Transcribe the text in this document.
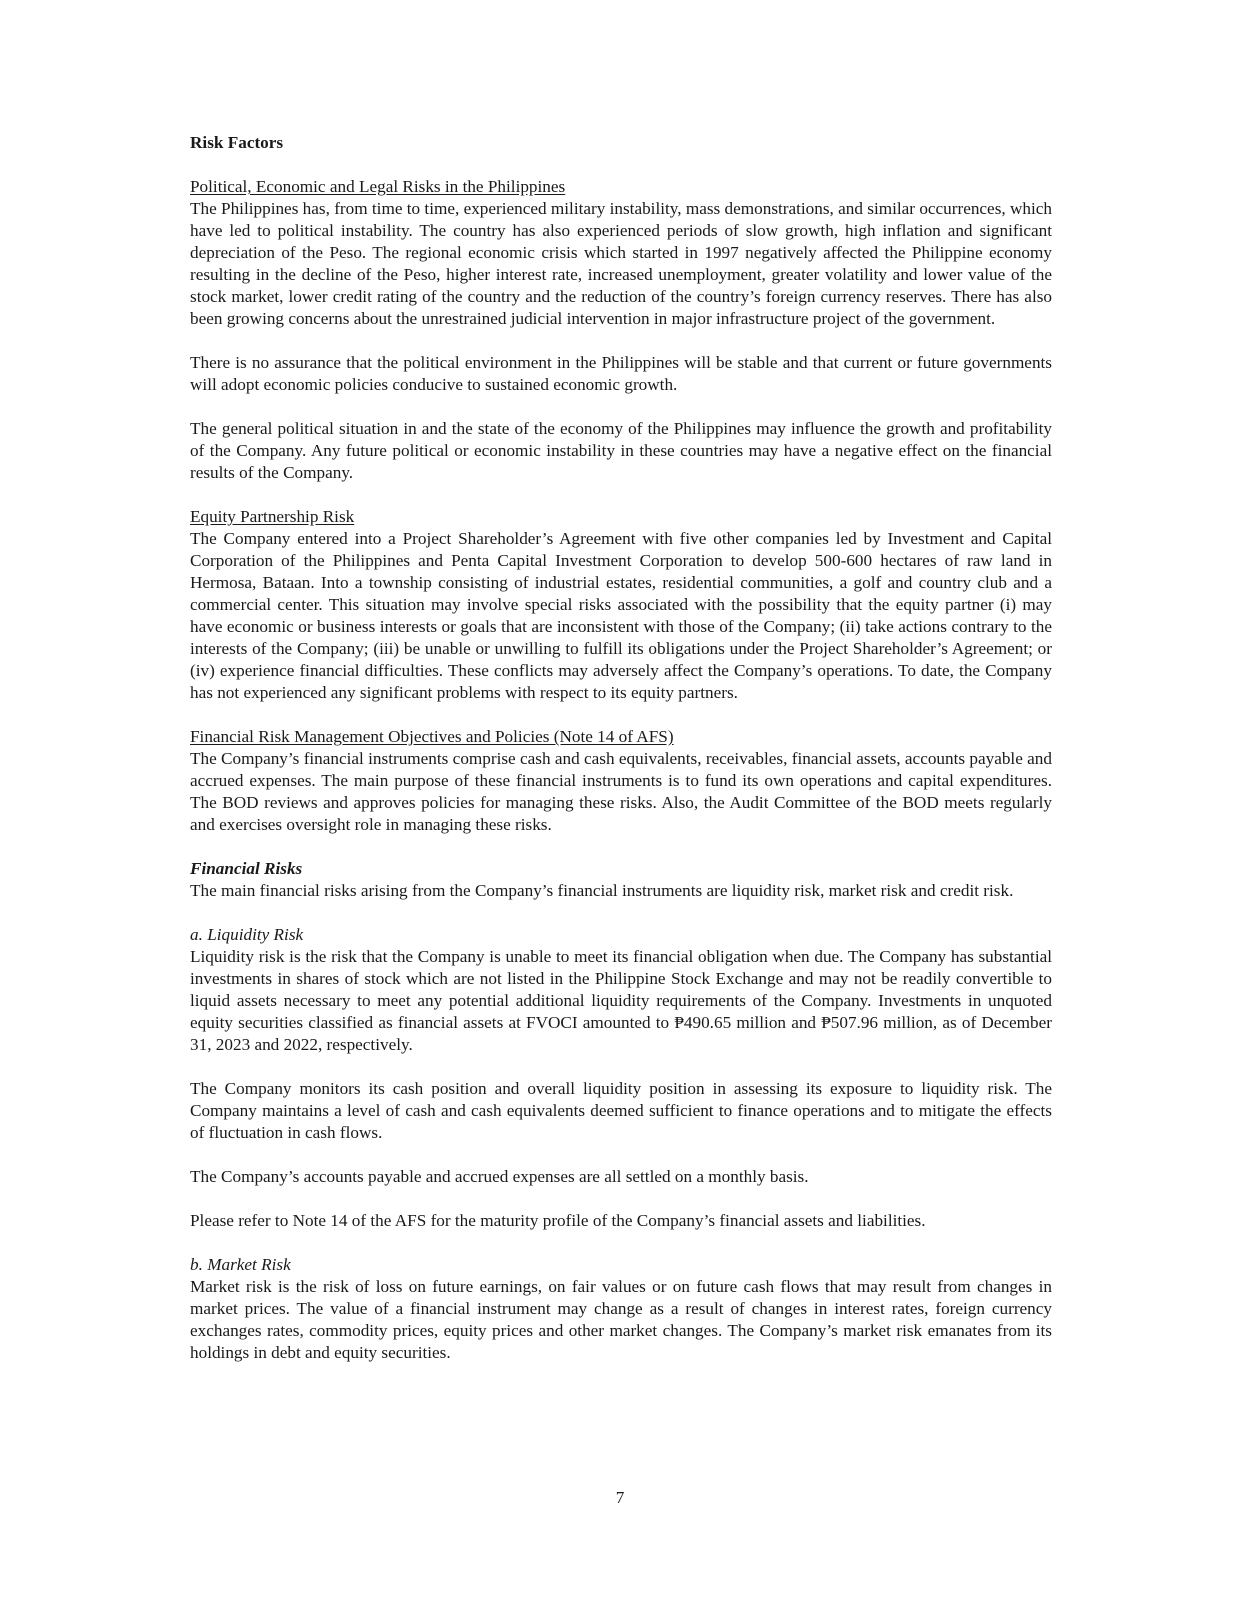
Risk Factors
Political, Economic and Legal Risks in the Philippines

The Philippines has, from time to time, experienced military instability, mass demonstrations, and similar occurrences, which have led to political instability. The country has also experienced periods of slow growth, high inflation and significant depreciation of the Peso. The regional economic crisis which started in 1997 negatively affected the Philippine economy resulting in the decline of the Peso, higher interest rate, increased unemployment, greater volatility and lower value of the stock market, lower credit rating of the country and the reduction of the country’s foreign currency reserves. There has also been growing concerns about the unrestrained judicial intervention in major infrastructure project of the government.

There is no assurance that the political environment in the Philippines will be stable and that current or future governments will adopt economic policies conducive to sustained economic growth.

The general political situation in and the state of the economy of the Philippines may influence the growth and profitability of the Company. Any future political or economic instability in these countries may have a negative effect on the financial results of the Company.

Equity Partnership Risk

The Company entered into a Project Shareholder’s Agreement with five other companies led by Investment and Capital Corporation of the Philippines and Penta Capital Investment Corporation to develop 500-600 hectares of raw land in Hermosa, Bataan. Into a township consisting of industrial estates, residential communities, a golf and country club and a commercial center. This situation may involve special risks associated with the possibility that the equity partner (i) may have economic or business interests or goals that are inconsistent with those of the Company; (ii) take actions contrary to the interests of the Company; (iii) be unable or unwilling to fulfill its obligations under the Project Shareholder’s Agreement; or (iv) experience financial difficulties. These conflicts may adversely affect the Company’s operations. To date, the Company has not experienced any significant problems with respect to its equity partners.

Financial Risk Management Objectives and Policies (Note 14 of AFS)

The Company’s financial instruments comprise cash and cash equivalents, receivables, financial assets, accounts payable and accrued expenses. The main purpose of these financial instruments is to fund its own operations and capital expenditures. The BOD reviews and approves policies for managing these risks. Also, the Audit Committee of the BOD meets regularly and exercises oversight role in managing these risks.

Financial Risks

The main financial risks arising from the Company’s financial instruments are liquidity risk, market risk and credit risk.

a. Liquidity Risk

Liquidity risk is the risk that the Company is unable to meet its financial obligation when due. The Company has substantial investments in shares of stock which are not listed in the Philippine Stock Exchange and may not be readily convertible to liquid assets necessary to meet any potential additional liquidity requirements of the Company. Investments in unquoted equity securities classified as financial assets at FVOCI amounted to ₱490.65 million and ₱507.96 million, as of December 31, 2023 and 2022, respectively.

The Company monitors its cash position and overall liquidity position in assessing its exposure to liquidity risk. The Company maintains a level of cash and cash equivalents deemed sufficient to finance operations and to mitigate the effects of fluctuation in cash flows.

The Company’s accounts payable and accrued expenses are all settled on a monthly basis.

Please refer to Note 14 of the AFS for the maturity profile of the Company’s financial assets and liabilities.

b. Market Risk

Market risk is the risk of loss on future earnings, on fair values or on future cash flows that may result from changes in market prices. The value of a financial instrument may change as a result of changes in interest rates, foreign currency exchanges rates, commodity prices, equity prices and other market changes. The Company’s market risk emanates from its holdings in debt and equity securities.

7
